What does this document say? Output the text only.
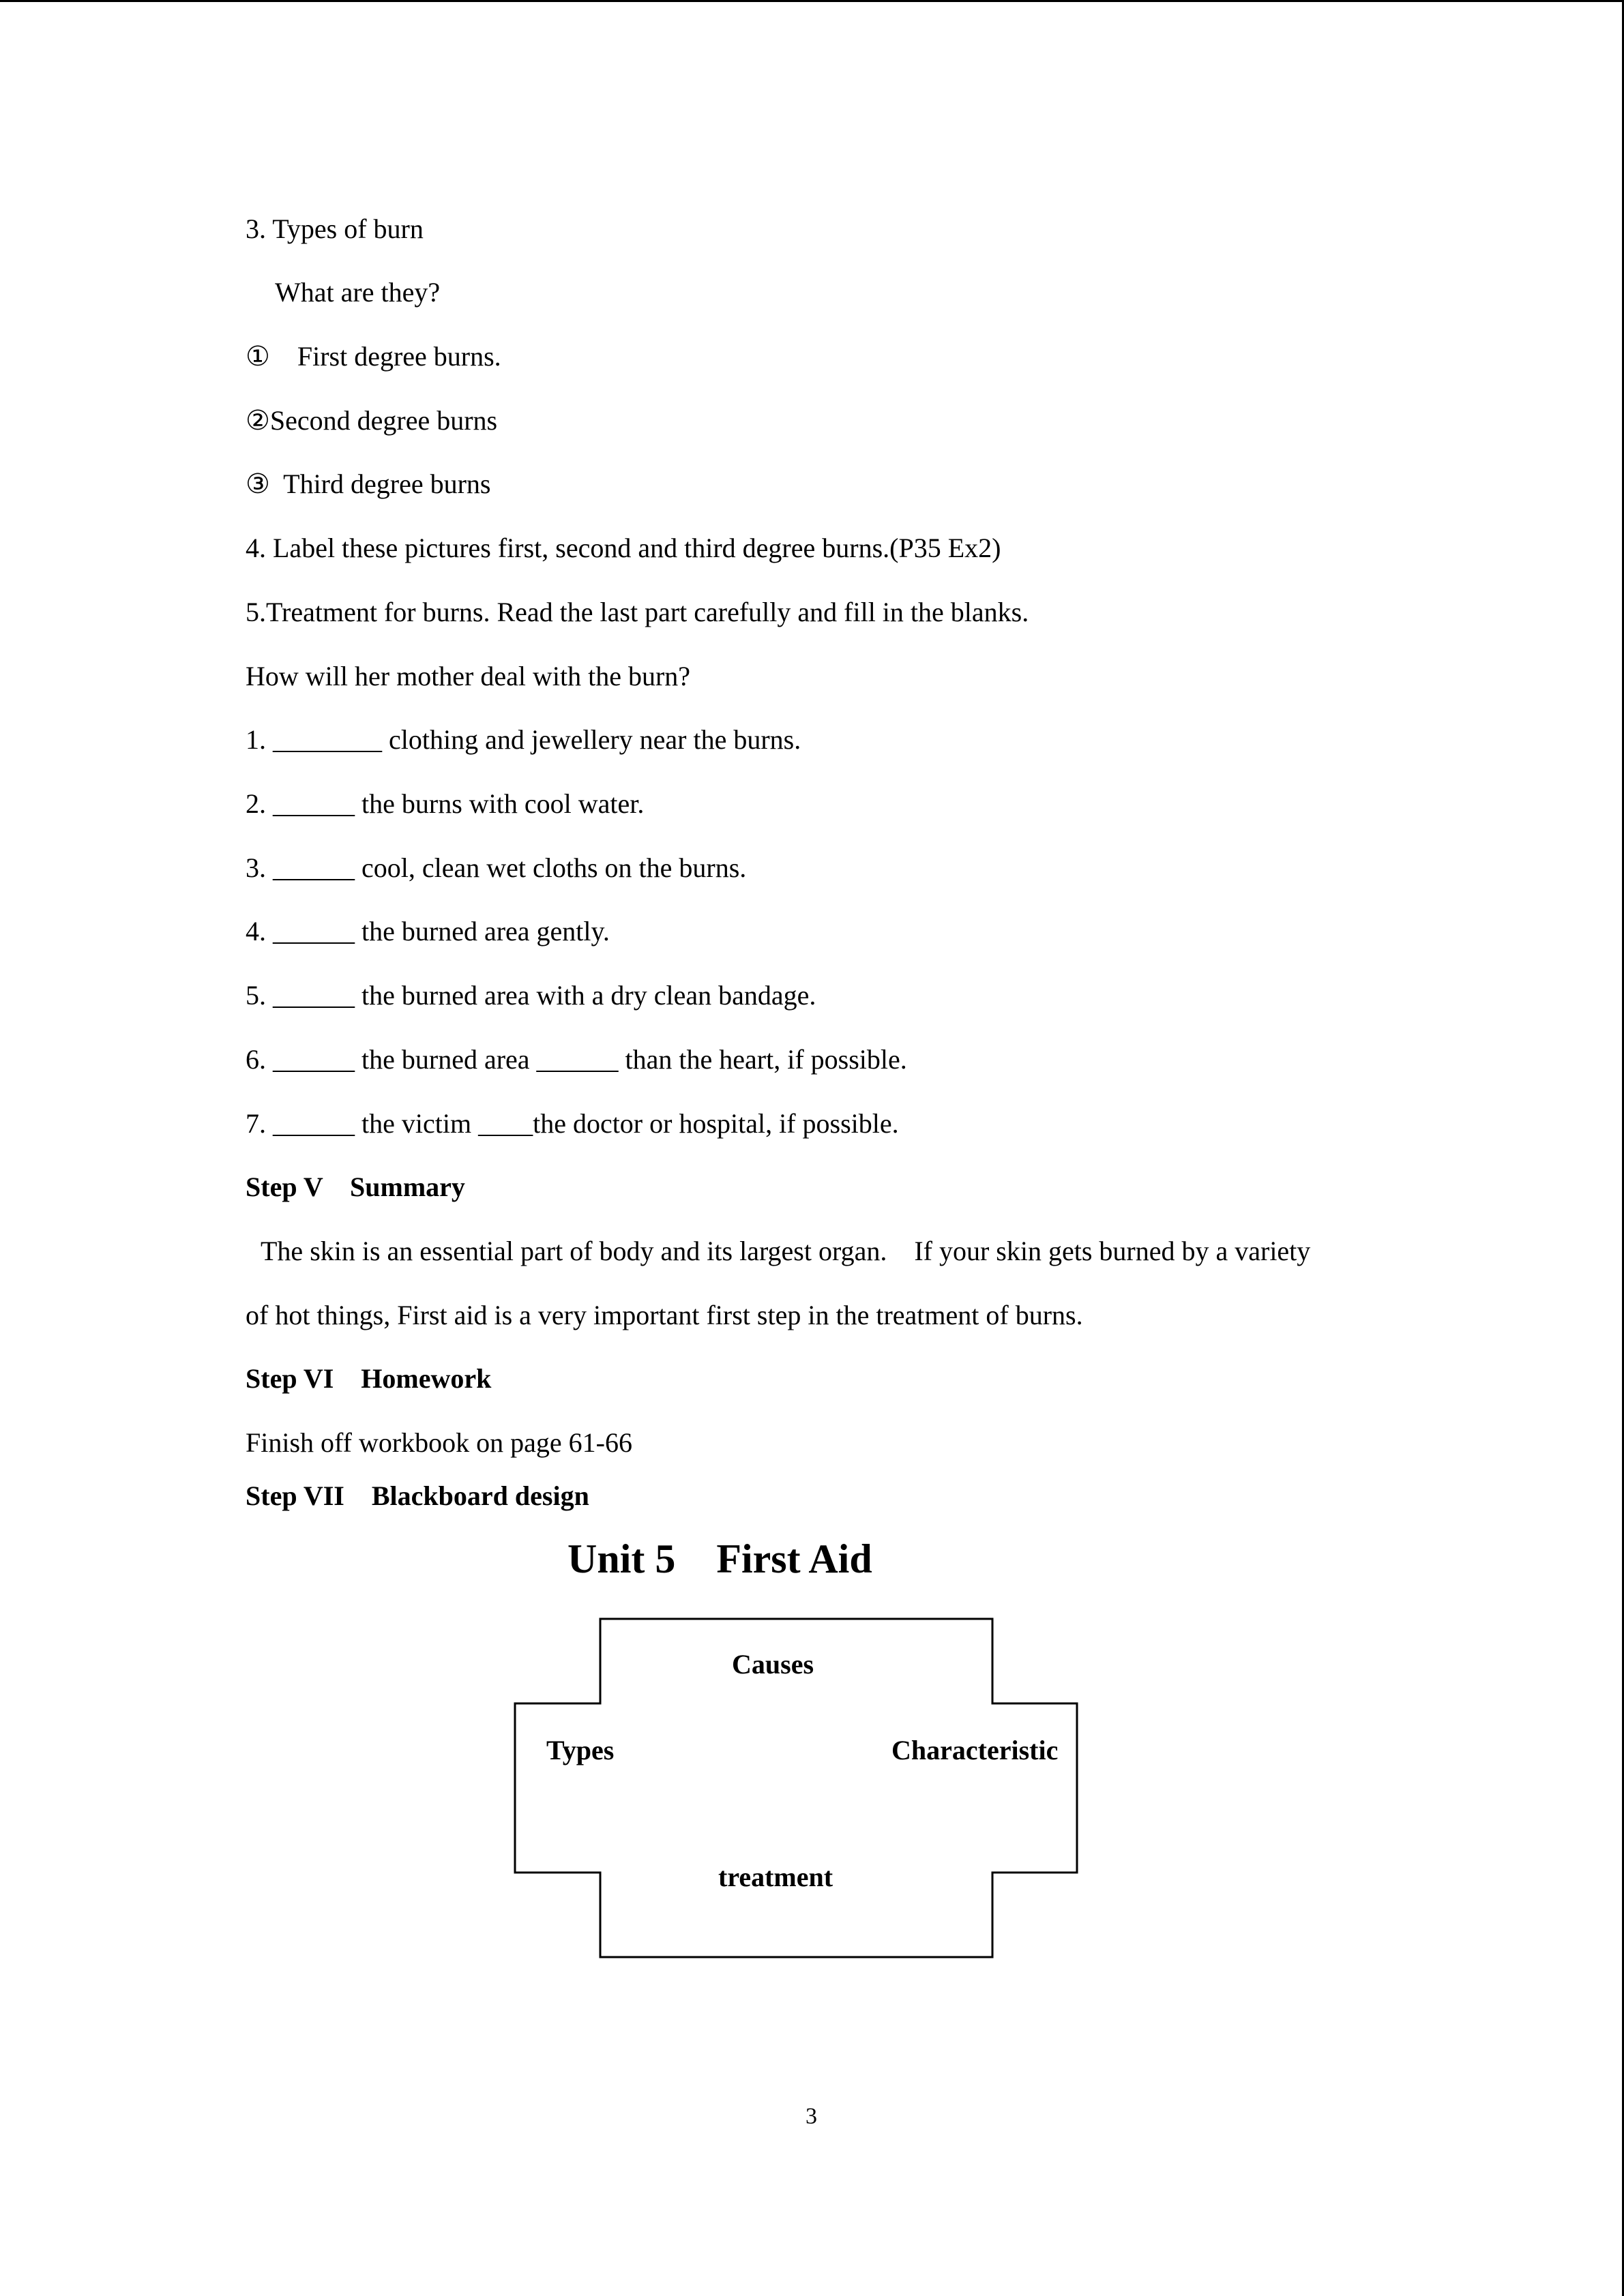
3. Types of burn
What are they?
①　First degree burns.
②Second degree burns
③  Third degree burns
4. Label these pictures first, second and third degree burns.(P35 Ex2)
5.Treatment for burns. Read the last part carefully and fill in the blanks.
How will her mother deal with the burn?
1. ________ clothing and jewellery near the burns.
2. ______ the burns with cool water.
3. ______ cool, clean wet cloths on the burns.
4. ______ the burned area gently.
5. ______ the burned area with a dry clean bandage.
6. ______ the burned area ______ than the heart, if possible.
7. ______ the victim ____the doctor or hospital, if possible.
Step V　Summary
The skin is an essential part of body and its largest organ.　If your skin gets burned by a variety
of hot things, First aid is a very important first step in the treatment of burns.
Step VI　Homework
Finish off workbook on page 61-66
Step VII　Blackboard design
Unit 5　First Aid
Causes
Types	Characteristic
treatment
3
